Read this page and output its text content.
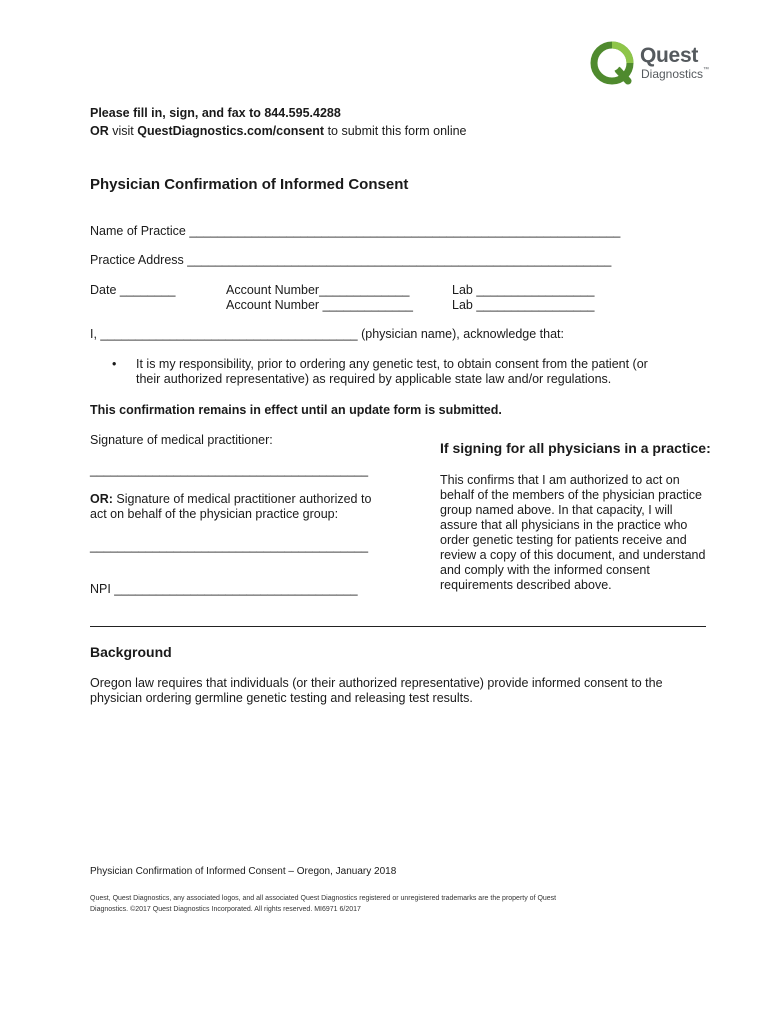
Quest
Diagnostics™
Please fill in, sign, and fax to 844.595.4288
OR visit QuestDiagnostics.com/consent to submit this form online
Physician Confirmation of Informed Consent
Name of Practice ______________________________________________________________
Practice Address _____________________________________________________________
Date ________	Account Number_____________
Account Number _____________
Lab _________________
Lab _________________
I, _____________________________________ (physician name), acknowledge that:
• It is my responsibility, prior to ordering any genetic test, to obtain consent from the patient (or their authorized representative) as required by applicable state law and/or regulations.
This confirmation remains in effect until an update form is submitted.
Signature of medical practitioner:
________________________________________
OR: Signature of medical practitioner authorized to act on behalf of the physician practice group:
________________________________________
NPI ___________________________________
If signing for all physicians in a practice:
This confirms that I am authorized to act on behalf of the members of the physician practice group named above. In that capacity, I will assure that all physicians in the practice who order genetic testing for patients receive and review a copy of this document, and understand and comply with the informed consent requirements described above.
Background
Oregon law requires that individuals (or their authorized representative) provide informed consent to the physician ordering germline genetic testing and releasing test results.
Physician Confirmation of Informed Consent – Oregon, January 2018
Quest, Quest Diagnostics, any associated logos, and all associated Quest Diagnostics registered or unregistered trademarks are the property of Quest Diagnostics. ©2017 Quest Diagnostics Incorporated. All rights reserved. MI6971 6/2017
